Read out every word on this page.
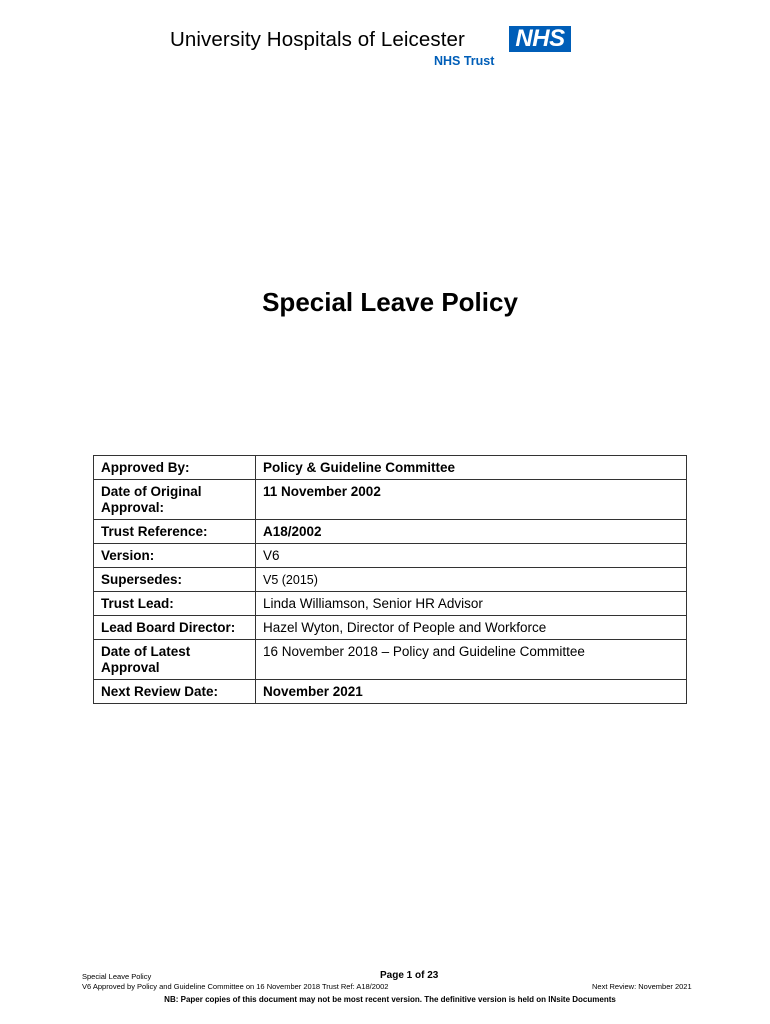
University Hospitals of Leicester NHS
NHS Trust
Special Leave Policy
Approved By:	Policy & Guideline Committee
Date of Original Approval:	11 November 2002
Trust Reference:	A18/2002
Version:	V6
Supersedes:	V5 (2015)
Trust Lead:	Linda Williamson, Senior HR Advisor
Lead Board Director:	Hazel Wyton, Director of People and Workforce
Date of Latest Approval	16 November 2018 – Policy and Guideline Committee
Next Review Date:	November 2021
Special Leave Policy
V6 Approved by Policy and Guideline Committee on 16 November 2018 Trust Ref: A18/2002
Page 1 of 23
Next Review: November 2021
NB: Paper copies of this document may not be most recent version. The definitive version is held on INsite Documents
